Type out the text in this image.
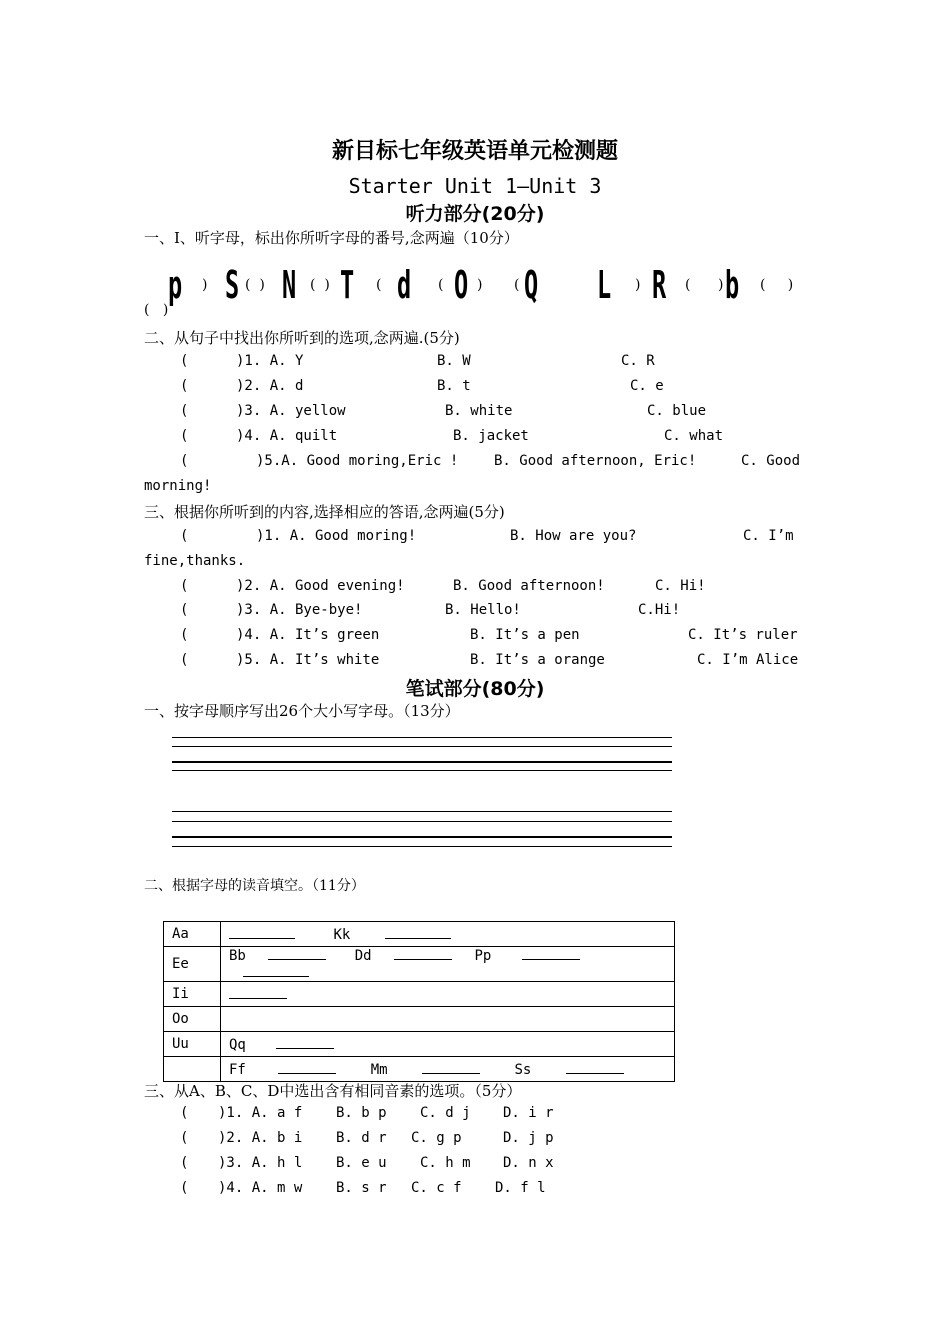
新目标七年级英语单元检测题
Starter Unit 1—Unit 3
听力部分(20分)
一、I、听字母，标出你所听字母的番号,念两遍（10分）
p ) S (  ) N (  ) T ( d ( O ) ( Q L ) R ( ) b (     )
(   )
二、从句子中找出你所听到的选项,念两遍.(5分)
(	)1. A. Y	B. W	C. R
(	)2. A. d	B. t	C. e
(	)3. A. yellow	B. white	C. blue
(	)4. A. quilt	B. jacket	C. what
(	)5.A. Good moring,Eric !	B. Good afternoon, Eric!	C. Good
morning!
三、根据你所听到的内容,选择相应的答语,念两遍(5分)
(	)1. A. Good moring!	B. How are you?	C. I’m
fine,thanks.
(	)2. A. Good evening!	B. Good afternoon!	C. Hi!
(	)3. A. Bye-bye!	B. Hello!	C.Hi!
(	)4. A. It’s green	B. It’s a pen	C. It’s ruler
(	)5. A. It’s white	B. It’s a orange	C. I’m Alice
笔试部分(80分)
一、按字母顺序写出26个大小写字母。（13分）
二、根据字母的读音填空。（11分）
Aa	Kk
Ee	Bb Dd Pp
Ii	
Oo	
Uu	Qq
	Ff Mm Ss
三、从A、B、C、D中选出含有相同音素的选项。（5分）
( )1. A. a f B. b p C. d j D. i r
( )2. A. b i B. d r C. g p	D. j p
( )3. A. h l B. e u C. h m D. n x
( )4. A. m w B. s r C. c f D. f l
